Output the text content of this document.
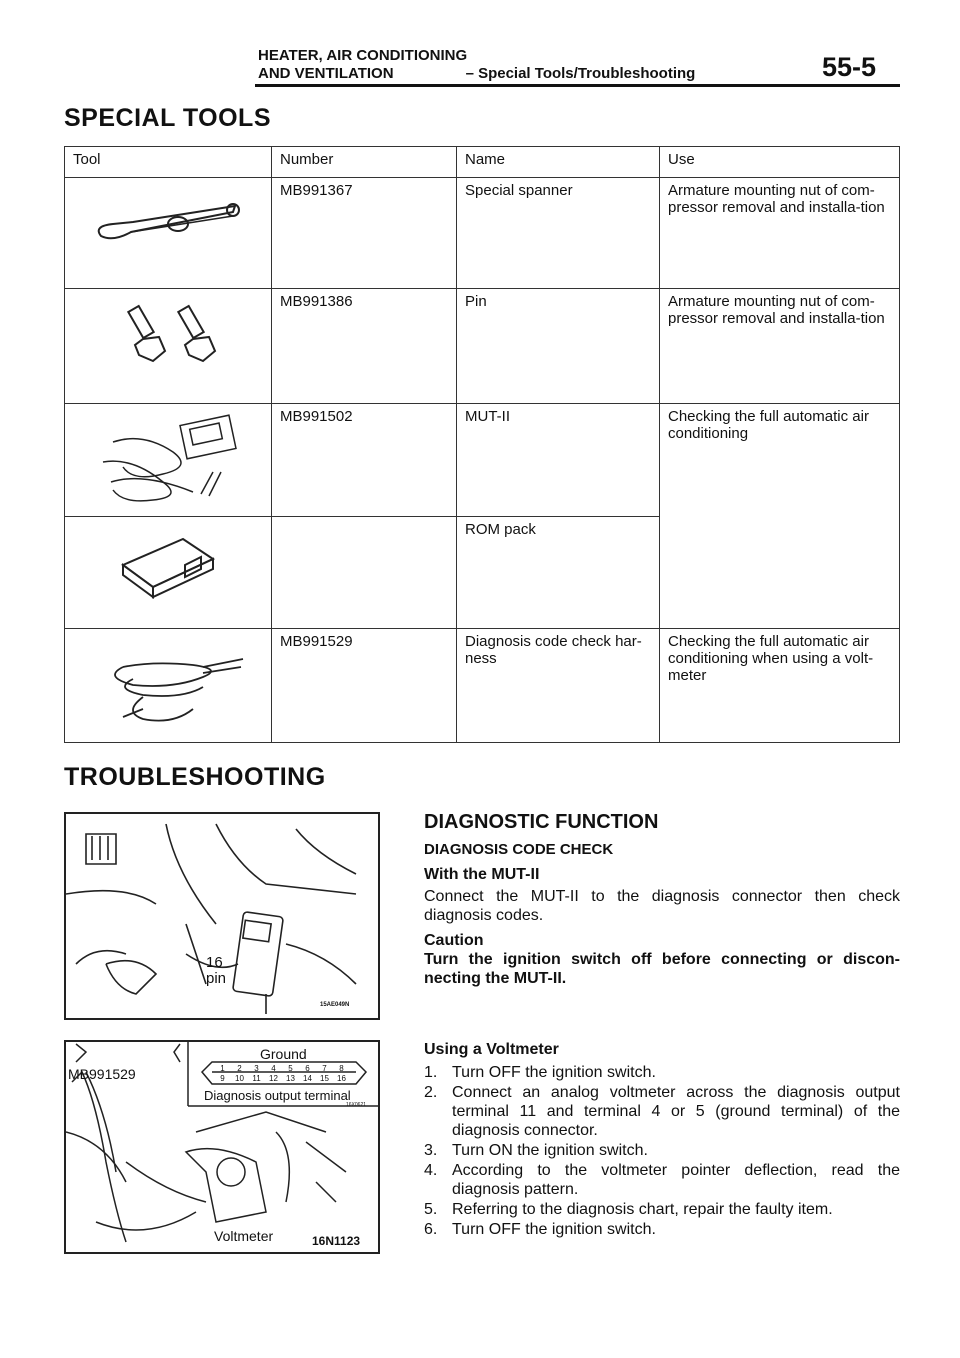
HEATER, AIR CONDITIONING
AND VENTILATION	– Special Tools/Troubleshooting	55-5
SPECIAL TOOLS
Tool	Number	Name	Use

	MB991367	Special spanner	Armature mounting nut of com-pressor removal and installa-tion

	MB991386	Pin	Armature mounting nut of com-pressor removal and installa-tion

	MB991502	MUT-II	Checking the full automatic air conditioning

		ROM pack	

	MB991529	Diagnosis code check har-ness	Checking the full automatic air conditioning when using a volt-meter
TROUBLESHOOTING
16
pin
15AE049N
Ground
MB991529	1	2	3	4	5	6	7	8
9	10	11	12	13	14	15	16
Diagnosis output terminal
16X0621
Voltmeter	16N1123
DIAGNOSTIC FUNCTION
DIAGNOSIS CODE CHECK
With the MUT-II
Connect the MUT-II to the diagnosis connector then check diagnosis codes.
Caution
Turn the ignition switch off before connecting or discon-necting the MUT-II.
Using a Voltmeter
1. Turn OFF the ignition switch.
2. Connect an analog voltmeter across the diagnosis output terminal 11 and terminal 4 or 5 (ground terminal) of the diagnosis connector.
3. Turn ON the ignition switch.
4. According to the voltmeter pointer deflection, read the diagnosis pattern.
5. Referring to the diagnosis chart, repair the faulty item.
6. Turn OFF the ignition switch.
